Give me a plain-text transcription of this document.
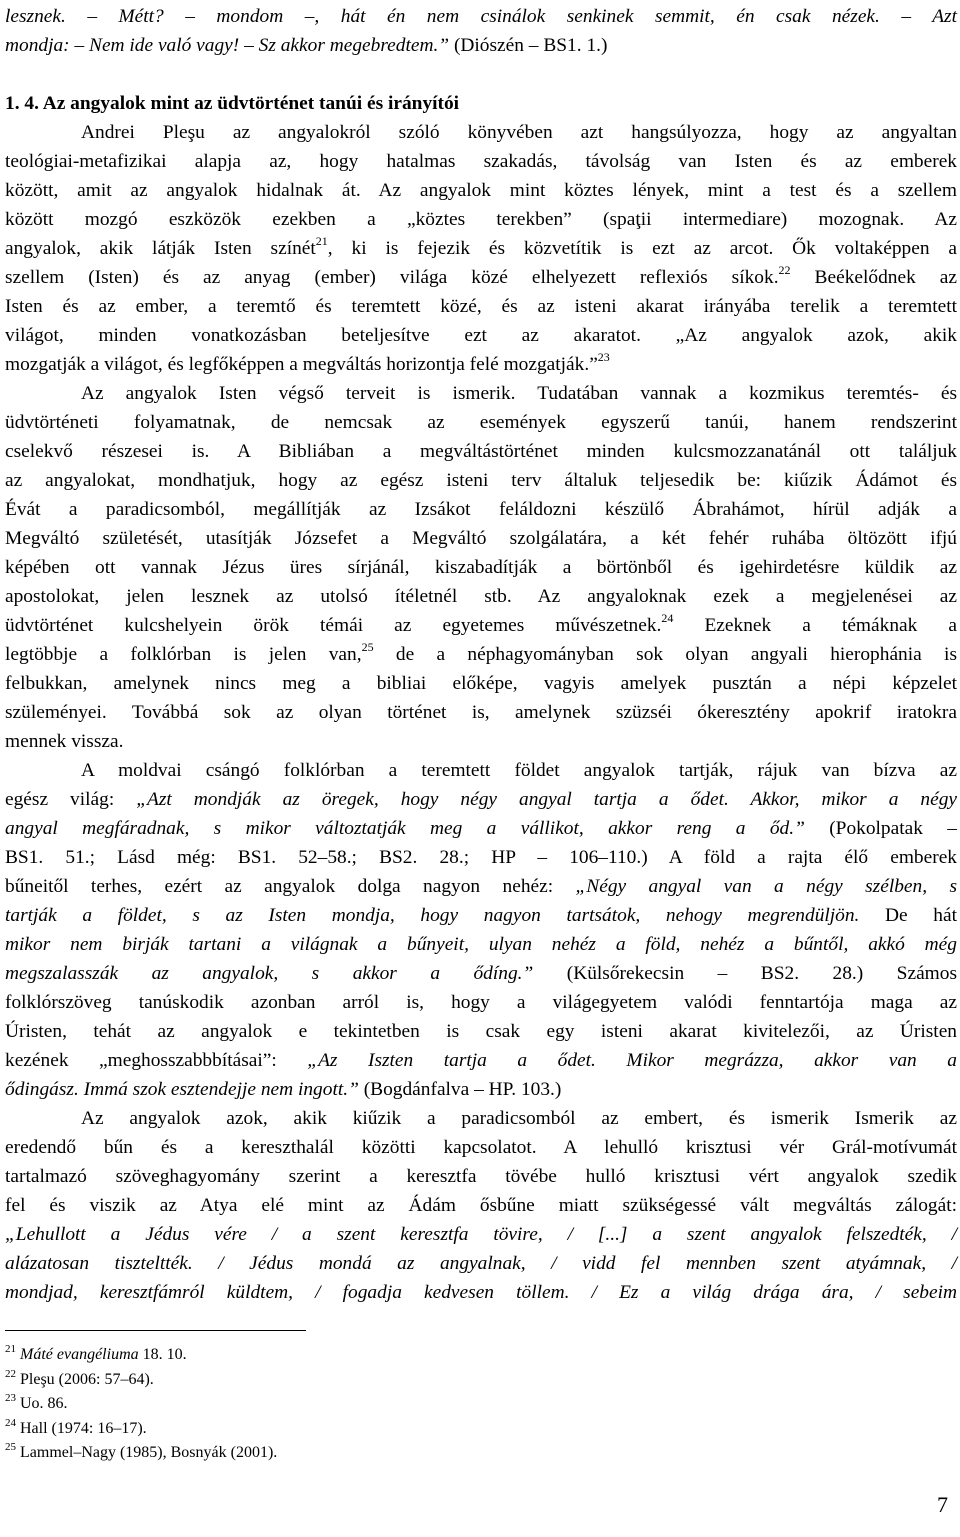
lesznek. – Métt? – mondom –, hát én nem csinálok senkinek semmit, én csak nézek. – Azt
mondja: – Nem ide való vagy! – Sz akkor megebredtem.” (Diószén – BS1. 1.)
1. 4. Az angyalok mint az üdvtörténet tanúi és irányítói
Andrei Pleşu az angyalokról szóló könyvében azt hangsúlyozza, hogy az angyaltan
teológiai-metafizikai alapja az, hogy hatalmas szakadás, távolság van Isten és az emberek
között, amit az angyalok hidalnak át. Az angyalok mint köztes lények, mint a test és a szellem
között mozgó eszközök ezekben a „köztes terekben” (spaţii intermediare) mozognak. Az
angyalok, akik látják Isten színét$^{21}$, ki is fejezik és közvetítik is ezt az arcot. Ők voltaképpen a
szellem (Isten) és az anyag (ember) világa közé elhelyezett reflexiós síkok.$^{22}$ Beékelődnek az
Isten és az ember, a teremtő és teremtett közé, és az isteni akarat irányába terelik a teremtett
világot, minden vonatkozásban beteljesítve ezt az akaratot. „Az angyalok azok, akik
mozgatják a világot, és legfőképpen a megváltás horizontja felé mozgatják.”$^{23}$
Az angyalok Isten végső terveit is ismerik. Tudatában vannak a kozmikus teremtés- és
üdvtörténeti folyamatnak, de nemcsak az események egyszerű tanúi, hanem rendszerint
cselekvő részesei is. A Bibliában a megváltástörténet minden kulcsmozzanatánál ott találjuk
az angyalokat, mondhatjuk, hogy az egész isteni terv általuk teljesedik be: kiűzik Ádámot és
Évát a paradicsomból, megállítják az Izsákot feláldozni készülő Ábrahámot, hírül adják a
Megváltó születését, utasítják Józsefet a Megváltó szolgálatára, a két fehér ruhába öltözött ifjú
képében ott vannak Jézus üres sírjánál, kiszabadítják a börtönből és igehirdetésre küldik az
apostolokat, jelen lesznek az utolsó ítéletnél stb. Az angyaloknak ezek a megjelenései az
üdvtörténet kulcshelyein örök témái az egyetemes művészetnek.$^{24}$ Ezeknek a témáknak a
legtöbbje a folklórban is jelen van,$^{25}$ de a néphagyományban sok olyan angyali hierophánia is
felbukkan, amelynek nincs meg a bibliai előképe, vagyis amelyek pusztán a népi képzelet
szüleményei. Továbbá sok az olyan történet is, amelynek szüzséi ókeresztény apokrif iratokra
mennek vissza.
A moldvai csángó folklórban a teremtett földet angyalok tartják, rájuk van bízva az
egész világ: „Azt mondják az öregek, hogy négy angyal tartja a ődet. Akkor, mikor a négy
angyal megfáradnak, s mikor változtatják meg a vállikot, akkor reng a őd.” (Pokolpatak –
BS1. 51.; Lásd még: BS1. 52–58.; BS2. 28.; HP – 106–110.) A föld a rajta élő emberek
bűneitől terhes, ezért az angyalok dolga nagyon nehéz: „Négy angyal van a négy szélben, s
tartják a földet, s az Isten mondja, hogy nagyon tartsátok, nehogy megrendüljön. De hát
mikor nem birják tartani a világnak a bűnyeit, ulyan nehéz a föld, nehéz a bűntől, akkó még
megszalasszák az angyalok, s akkor a ődíng.” (Külsőrekecsin – BS2. 28.) Számos
folklórszöveg tanúskodik azonban arról is, hogy a világegyetem valódi fenntartója maga az
Úristen, tehát az angyalok e tekintetben is csak egy isteni akarat kivitelezői, az Úristen
kezének „meghosszabbbításai”: „Az Iszten tartja a ődet. Mikor megrázza, akkor van a
ődingász. Immá szok esztendejje nem ingott.” (Bogdánfalva – HP. 103.)
Az angyalok azok, akik kiűzik a paradicsomból az embert, és ismerik Ismerik az
eredendő bűn és a kereszthalál közötti kapcsolatot. A lehulló krisztusi vér Grál-motívumát
tartalmazó szöveghagyomány szerint a keresztfa tövébe hulló krisztusi vért angyalok szedik
fel és viszik az Atya elé mint az Ádám ősbűne miatt szükségessé vált megváltás zálogát:
„Lehullott a Jédus vére / a szent keresztfa tövire, / [...] a szent angyalok felszedték, /
alázatosan tiszteltték. / Jédus mondá az angyalnak, / vidd fel mennben szent atyámnak, /
mondjad, keresztfámról küldtem, / fogadja kedvesen töllem. / Ez a világ drága ára, / sebeim
$^{21}$ Máté evangéliuma 18. 10.
$^{22}$ Pleşu (2006: 57–64).
$^{23}$ Uo. 86.
$^{24}$ Hall (1974: 16–17).
$^{25}$ Lammel–Nagy (1985), Bosnyák (2001).
7
